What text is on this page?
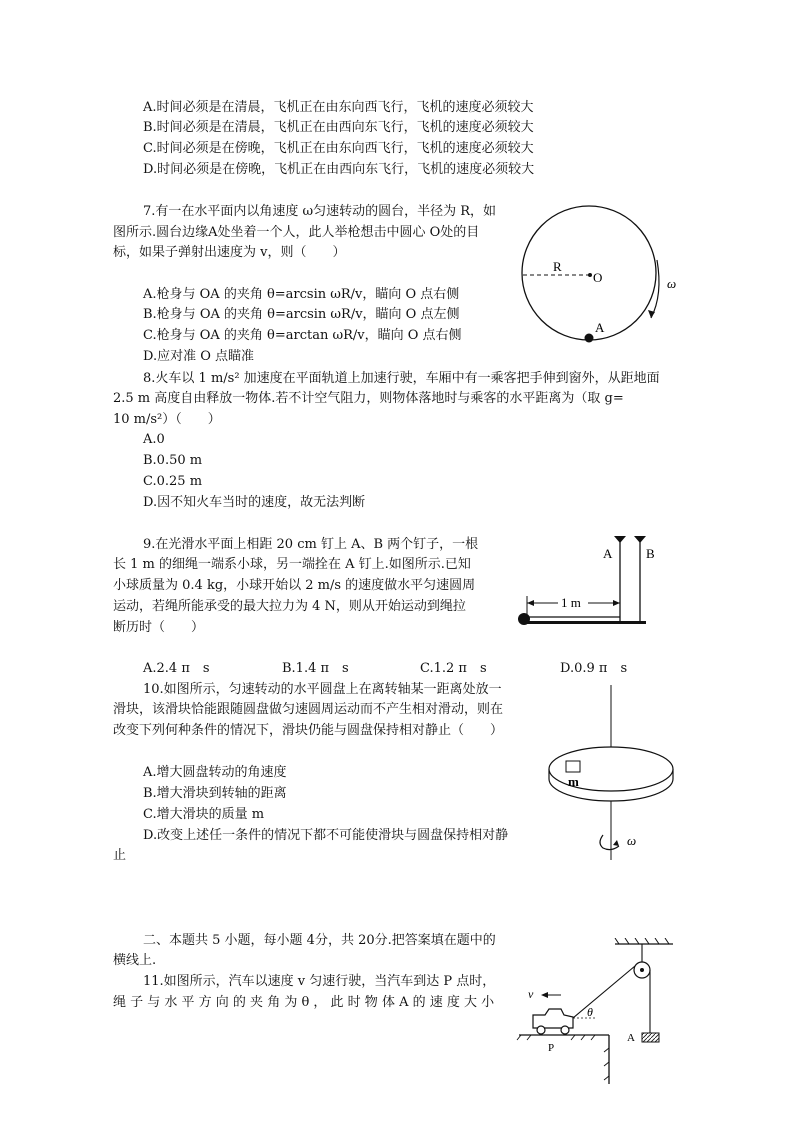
A.时间必须是在清晨，飞机正在由东向西飞行，飞机的速度必须较大
B.时间必须是在清晨，飞机正在由西向东飞行，飞机的速度必须较大
C.时间必须是在傍晚，飞机正在由东向西飞行，飞机的速度必须较大
D.时间必须是在傍晚，飞机正在由西向东飞行，飞机的速度必须较大
7.有一在水平面内以角速度 ω匀速转动的圆台，半径为 R，如
图所示.圆台边缘A处坐着一个人，此人举枪想击中圆心 O处的目
标，如果子弹射出速度为 v，则（　　）
A.枪身与 OA 的夹角 θ=arcsin ωR/v，瞄向 O 点右侧
B.枪身与 OA 的夹角 θ=arcsin ωR/v，瞄向 O 点左侧
C.枪身与 OA 的夹角 θ=arctan ωR/v，瞄向 O 点右侧
D.应对准 O 点瞄准
R
O
A
ω
8.火车以 1 m/s² 加速度在平面轨道上加速行驶，车厢中有一乘客把手伸到窗外，从距地面
2.5 m 高度自由释放一物体.若不计空气阻力，则物体落地时与乘客的水平距离为（取 g=
10 m/s²）（　　）
A.0
B.0.50 m
C.0.25 m
D.因不知火车当时的速度，故无法判断
9.在光滑水平面上相距 20 cm 钉上 A、B 两个钉子，一根
长 1 m 的细绳一端系小球，另一端拴在 A 钉上.如图所示.已知
小球质量为 0.4 kg，小球开始以 2 m/s 的速度做水平匀速圆周
运动，若绳所能承受的最大拉力为 4 N，则从开始运动到绳拉
断历时（　　）
A.2.4 π　s	B.1.4 π　s	C.1.2 π　s	D.0.9 π　s
A	B
1 m
10.如图所示，匀速转动的水平圆盘上在离转轴某一距离处放一
滑块，该滑块恰能跟随圆盘做匀速圆周运动而不产生相对滑动，则在
改变下列何种条件的情况下，滑块仍能与圆盘保持相对静止（　　）
A.增大圆盘转动的角速度
B.增大滑块到转轴的距离
C.增大滑块的质量 m
D.改变上述任一条件的情况下都不可能使滑块与圆盘保持相对静
止
m
ω
二、本题共 5 小题，每小题 4分，共 20分.把答案填在题中的
横线上.
11.如图所示，汽车以速度 v 匀速行驶，当汽车到达 P 点时，
绳 子 与 水 平 方 向 的 夹 角 为 θ ， 此 时 物 体 A 的 速 度 大 小
θ
A
P
v
